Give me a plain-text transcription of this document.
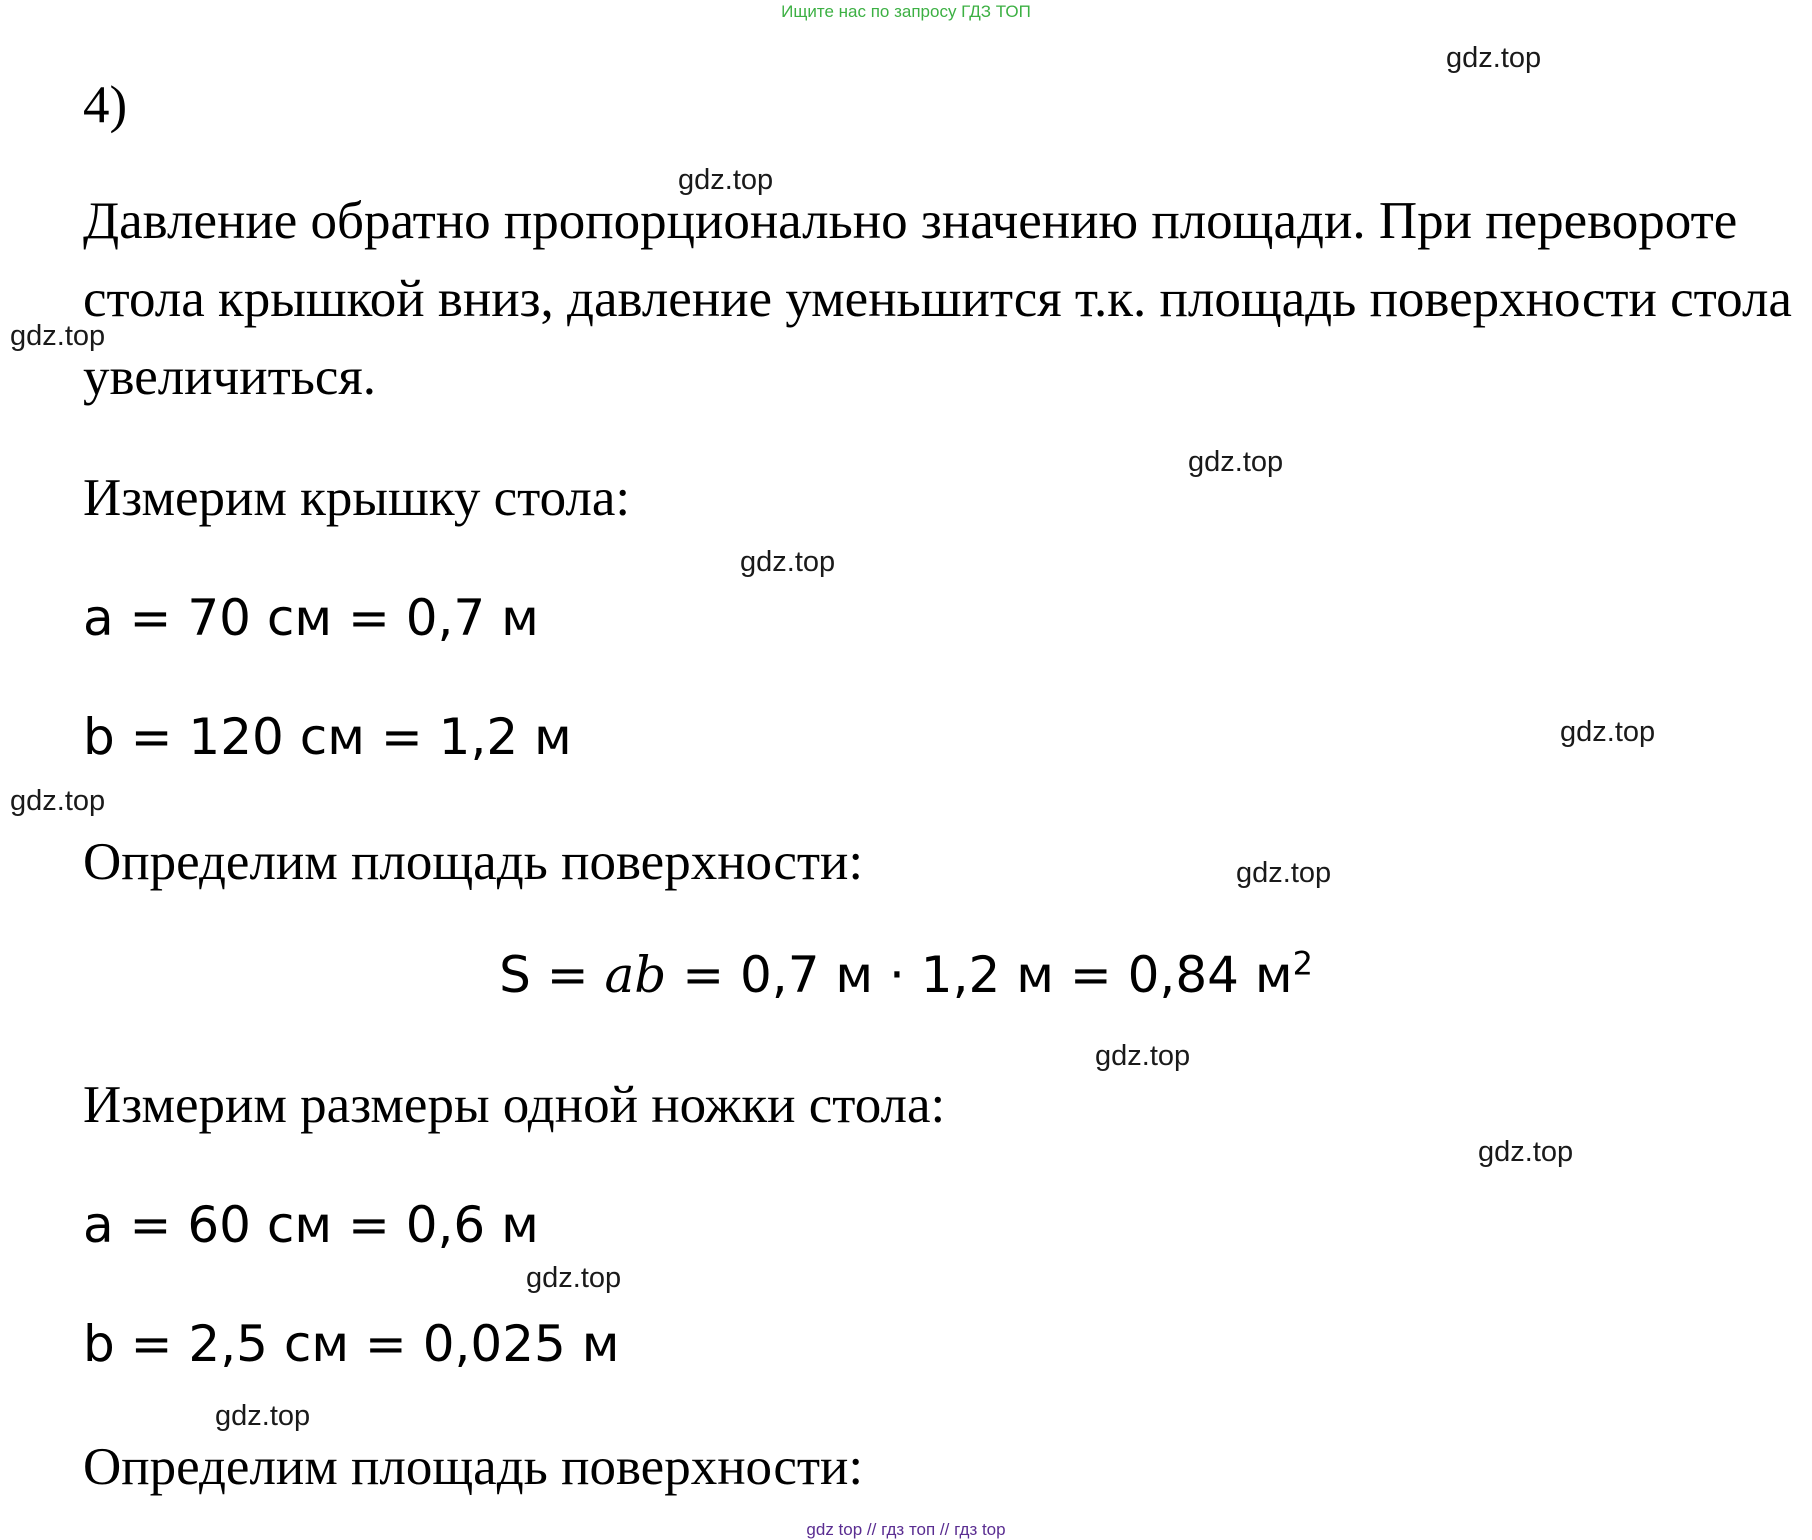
Ищите нас по запросу ГДЗ ТОП

4)

Давление обратно пропорционально значению площади. При перевороте стола крышкой вниз, давление уменьшится т.к. площадь поверхности стола увеличиться.

Измерим крышку стола:

a = 70 см = 0,7 м

b = 120 см = 1,2 м

Определим площадь поверхности:

S = ab = 0,7 м · 1,2 м = 0,84 $м^2$

Измерим размеры одной ножки стола:

a = 60 см = 0,6 м

b = 2,5 см = 0,025 м

Определим площадь поверхности:

gdz.top
gdz.top
gdz.top
gdz.top
gdz.top
gdz.top
gdz.top
gdz.top
gdz.top
gdz.top
gdz.top
gdz.top
gdz top // гдз топ // гдз top
